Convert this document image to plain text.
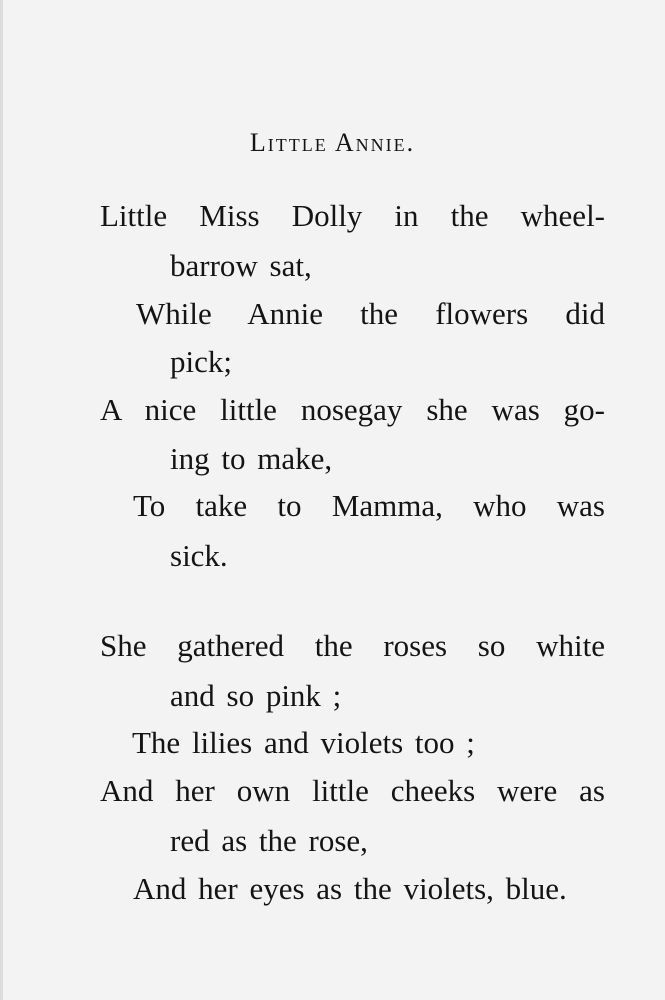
Little Annie.

Little Miss Dolly in the wheel-

barrow sat,

While Annie the flowers did

pick;

A nice little nosegay she was go-

ing to make,

To take to Mamma, who was

sick.

She gathered the roses so white

and so pink ;

The lilies and violets too ;

And her own little cheeks were as

red as the rose,

And her eyes as the violets, blue.
